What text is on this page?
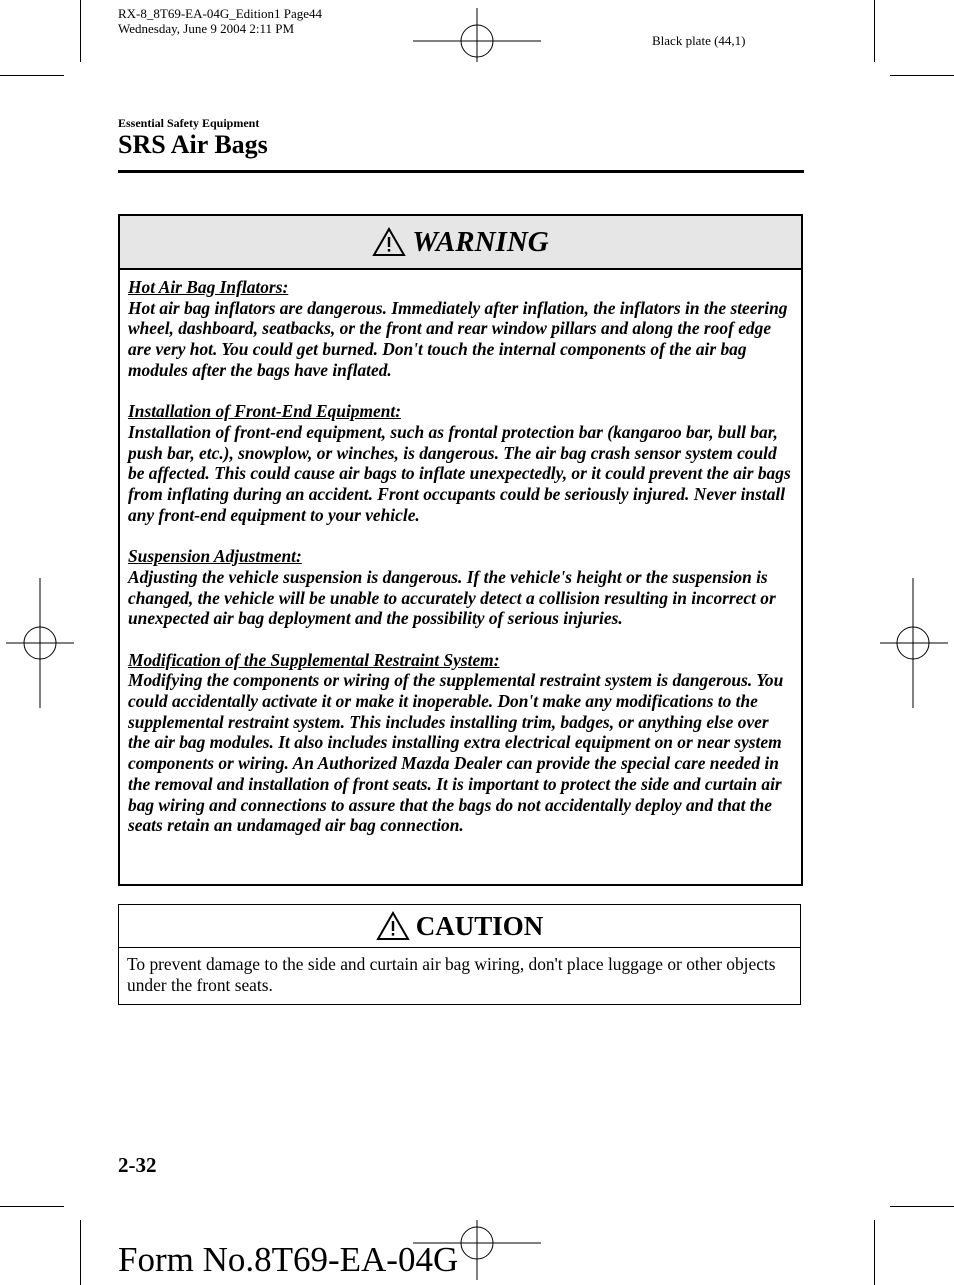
RX-8_8T69-EA-04G_Edition1 Page44
Wednesday, June 9 2004 2:11 PM
Black plate (44,1)
Essential Safety Equipment
SRS Air Bags
WARNING
Hot Air Bag Inflators:
Hot air bag inflators are dangerous. Immediately after inflation, the inflators in the steering wheel, dashboard, seatbacks, or the front and rear window pillars and along the roof edge are very hot. You could get burned. Don't touch the internal components of the air bag modules after the bags have inflated.
Installation of Front-End Equipment:
Installation of front-end equipment, such as frontal protection bar (kangaroo bar, bull bar, push bar, etc.), snowplow, or winches, is dangerous. The air bag crash sensor system could be affected. This could cause air bags to inflate unexpectedly, or it could prevent the air bags from inflating during an accident. Front occupants could be seriously injured. Never install any front-end equipment to your vehicle.
Suspension Adjustment:
Adjusting the vehicle suspension is dangerous. If the vehicle's height or the suspension is changed, the vehicle will be unable to accurately detect a collision resulting in incorrect or unexpected air bag deployment and the possibility of serious injuries.
Modification of the Supplemental Restraint System:
Modifying the components or wiring of the supplemental restraint system is dangerous. You could accidentally activate it or make it inoperable. Don't make any modifications to the supplemental restraint system. This includes installing trim, badges, or anything else over the air bag modules. It also includes installing extra electrical equipment on or near system components or wiring. An Authorized Mazda Dealer can provide the special care needed in the removal and installation of front seats. It is important to protect the side and curtain air bag wiring and connections to assure that the bags do not accidentally deploy and that the seats retain an undamaged air bag connection.
CAUTION
To prevent damage to the side and curtain air bag wiring, don't place luggage or other objects under the front seats.
2-32
Form No.8T69-EA-04G
